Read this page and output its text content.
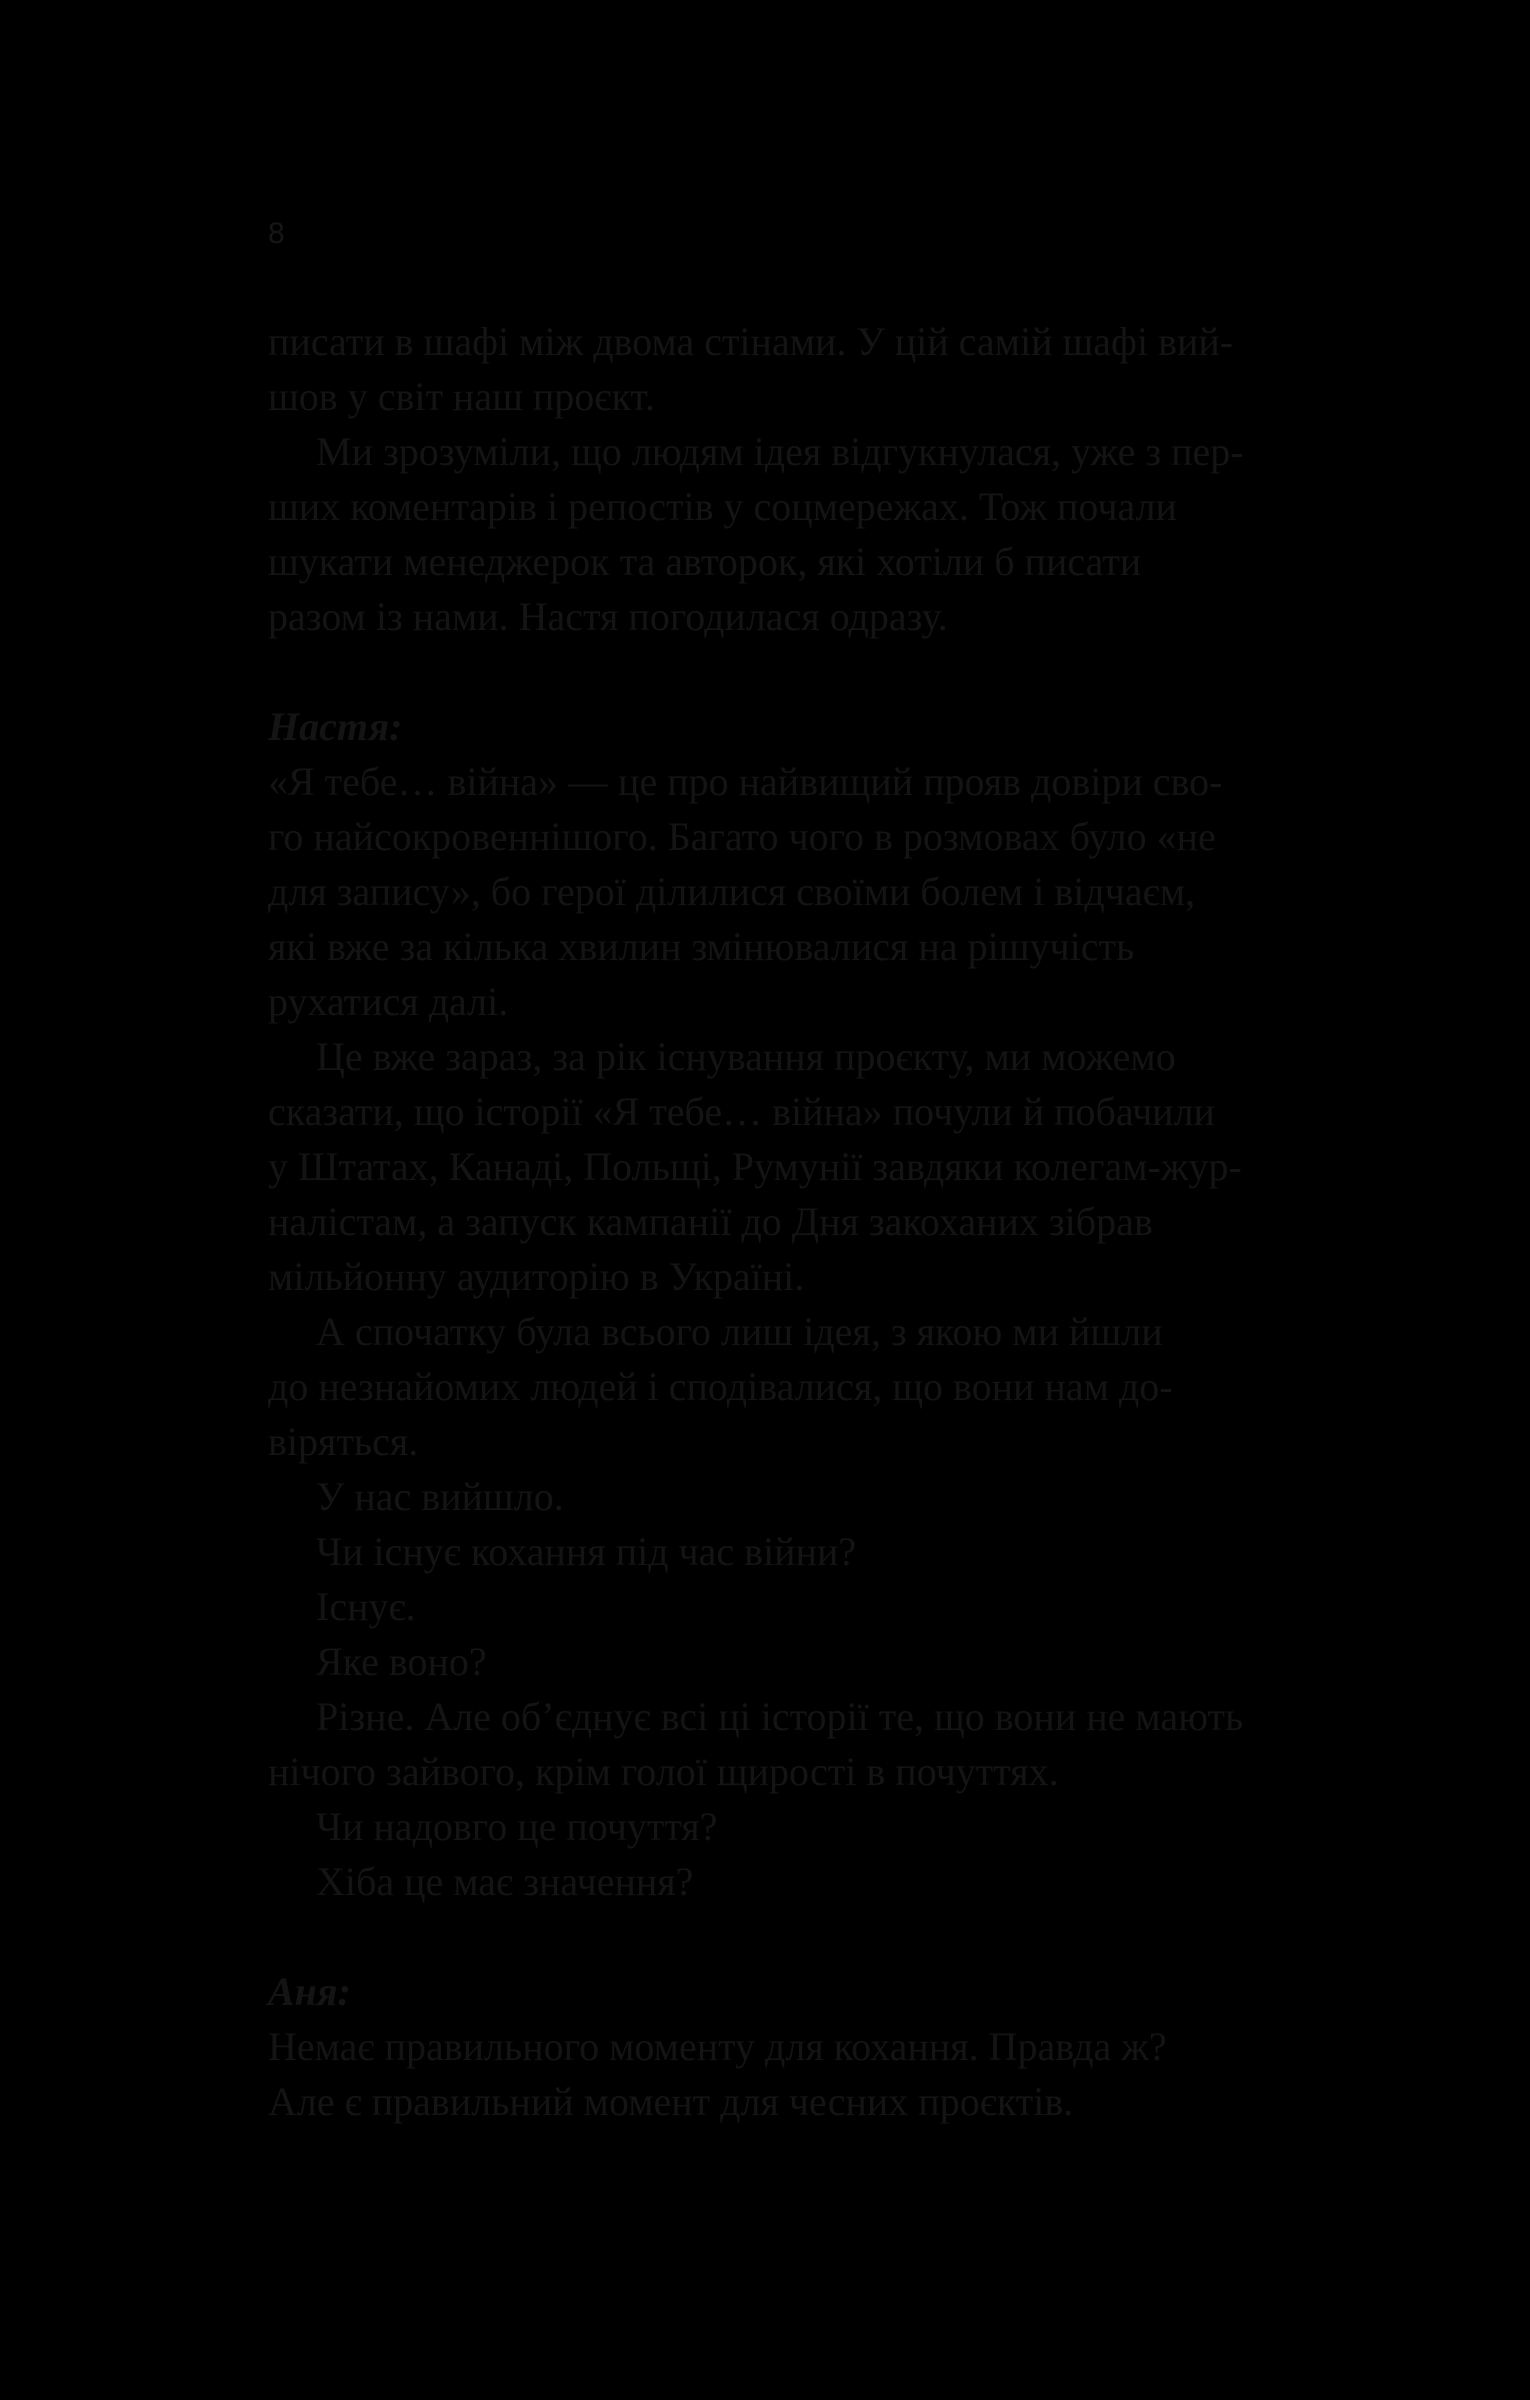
8

писати в шафі між двома стінами. У цій самій шафі вий-
шов у світ наш проєкт.

Ми зрозуміли, що людям ідея відгукнулася, уже з пер-
ших коментарів і репостів у соцмережах. Тож почали
шукати менеджерок та авторок, які хотіли б писати
разом із нами. Настя погодилася одразу.

Настя:

«Я тебе… війна» — це про найвищий прояв довіри сво-
го найсокровеннішого. Багато чого в розмовах було «не
для запису», бо герої ділилися своїми болем і відчаєм,
які вже за кілька хвилин змінювалися на рішучість
рухатися далі.

Це вже зараз, за рік існування проєкту, ми можемо
сказати, що історії «Я тебе… війна» почули й побачили
у Штатах, Канаді, Польщі, Румунії завдяки колегам-жур-
налістам, а запуск кампанії до Дня закоханих зібрав
мільйонну аудиторію в Україні.

А спочатку була всього лиш ідея, з якою ми йшли
до незнайомих людей і сподівалися, що вони нам до-
віряться.

У нас вийшло.

Чи існує кохання під час війни?

Існує.

Яке воно?

Різне. Але об’єднує всі ці історії те, що вони не мають
нічого зайвого, крім голої щирості в почуттях.

Чи надовго це почуття?

Хіба це має значення?

Аня:

Немає правильного моменту для кохання. Правда ж?
Але є правильний момент для чесних проєктів.
